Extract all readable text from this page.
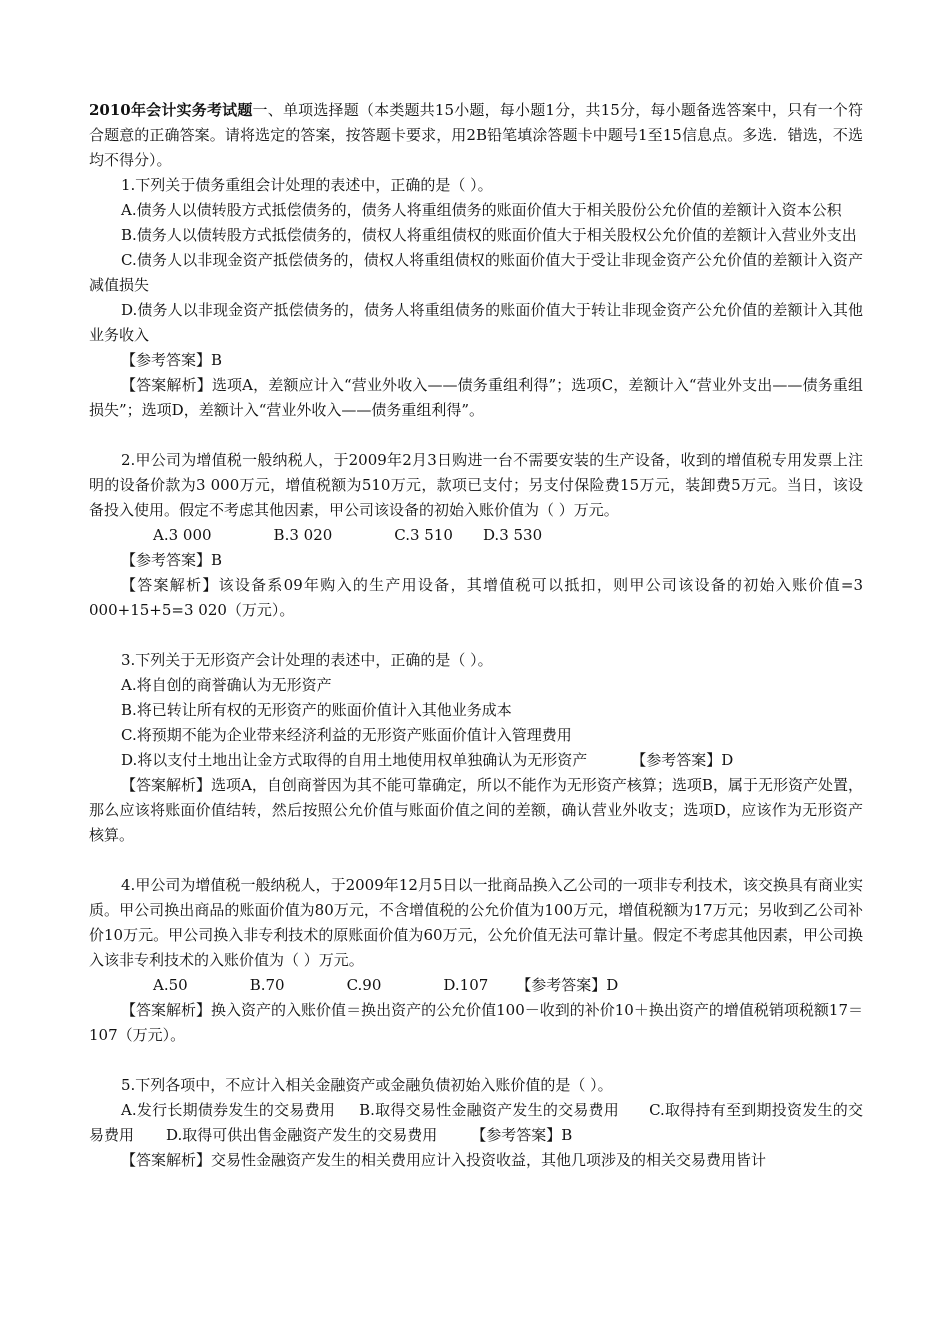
2010年会计实务考试题一、单项选择题（本类题共15小题，每小题1分，共15分，每小题备选答案中，只有一个符合题意的正确答案。请将选定的答案，按答题卡要求，用2B铅笔填涂答题卡中题号1至15信息点。多选．错选，不选均不得分）。

1.下列关于债务重组会计处理的表述中，正确的是（ ）。

A.债务人以债转股方式抵偿债务的，债务人将重组债务的账面价值大于相关股份公允价值的差额计入资本公积

B.债务人以债转股方式抵偿债务的，债权人将重组债权的账面价值大于相关股权公允价值的差额计入营业外支出

C.债务人以非现金资产抵偿债务的，债权人将重组债权的账面价值大于受让非现金资产公允价值的差额计入资产减值损失

D.债务人以非现金资产抵偿债务的，债务人将重组债务的账面价值大于转让非现金资产公允价值的差额计入其他业务收入

【参考答案】B

【答案解析】选项A，差额应计入“营业外收入——债务重组利得”；选项C，差额计入“营业外支出——债务重组损失”；选项D，差额计入“营业外收入——债务重组利得”。

2.甲公司为增值税一般纳税人，于2009年2月3日购进一台不需要安装的生产设备，收到的增值税专用发票上注明的设备价款为3 000万元，增值税额为510万元，款项已支付；另支付保险费15万元，装卸费5万元。当日，该设备投入使用。假定不考虑其他因素，甲公司该设备的初始入账价值为（ ）万元。

A.3 000	B.3 020	C.3 510 D.3 530

【参考答案】B

【答案解析】该设备系09年购入的生产用设备，其增值税可以抵扣，则甲公司该设备的初始入账价值=3 000+15+5=3 020（万元）。

3.下列关于无形资产会计处理的表述中，正确的是（ ）。

A.将自创的商誉确认为无形资产

B.将已转让所有权的无形资产的账面价值计入其他业务成本

C.将预期不能为企业带来经济利益的无形资产账面价值计入管理费用

D.将以支付土地出让金方式取得的自用土地使用权单独确认为无形资产	【参考答案】D

【答案解析】选项A，自创商誉因为其不能可靠确定，所以不能作为无形资产核算；选项B，属于无形资产处置，那么应该将账面价值结转，然后按照公允价值与账面价值之间的差额，确认营业外收支；选项D，应该作为无形资产核算。

4.甲公司为增值税一般纳税人，于2009年12月5日以一批商品换入乙公司的一项非专利技术，该交换具有商业实质。甲公司换出商品的账面价值为80万元，不含增值税的公允价值为100万元，增值税额为17万元；另收到乙公司补价10万元。甲公司换入非专利技术的原账面价值为60万元，公允价值无法可靠计量。假定不考虑其他因素，甲公司换入该非专利技术的入账价值为（ ）万元。

A.50	B.70	C.90	D.107 【参考答案】D

【答案解析】换入资产的入账价值＝换出资产的公允价值100－收到的补价10＋换出资产的增值税销项税额17＝107（万元）。

5.下列各项中，不应计入相关金融资产或金融负债初始入账价值的是（ ）。

A.发行长期债券发生的交易费用 B.取得交易性金融资产发生的交易费用 C.取得持有至到期投资发生的交易费用 D.取得可供出售金融资产发生的交易费用 【参考答案】B

【答案解析】交易性金融资产发生的相关费用应计入投资收益，其他几项涉及的相关交易费用皆计
